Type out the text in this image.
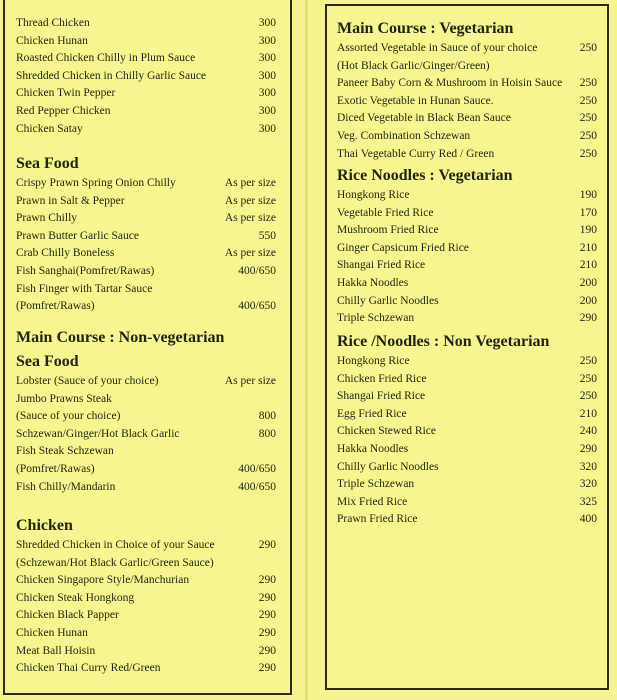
Thread Chicken	300
Chicken Hunan	300
Roasted Chicken Chilly in Plum Sauce	300
Shredded Chicken in Chilly Garlic Sauce	300
Chicken Twin Pepper	300
Red Pepper Chicken	300
Chicken Satay	300
Sea Food
Crispy Prawn Spring Onion Chilly	As per size
Prawn in Salt & Pepper	As per size
Prawn Chilly	As per size
Prawn Butter Garlic Sauce	550
Crab Chilly Boneless	As per size
Fish Sanghai(Pomfret/Rawas)	400/650
Fish Finger with Tartar Sauce
(Pomfret/Rawas)	400/650
Main Course : Non-vegetarian
Sea Food
Lobster (Sauce of your choice)	As per size
Jumbo Prawns Steak
(Sauce of your choice)	800
Schzewan/Ginger/Hot Black Garlic	800
Fish Steak Schzewan
(Pomfret/Rawas)	400/650
Fish Chilly/Mandarin	400/650
Chicken
Shredded Chicken in Choice of your Sauce	290
(Schzewan/Hot Black Garlic/Green Sauce)
Chicken Singapore Style/Manchurian	290
Chicken Steak Hongkong	290
Chicken Black Papper	290
Chicken Hunan	290
Meat Ball Hoisin	290
Chicken Thai Curry Red/Green	290
Main Course : Vegetarian
Assorted Vegetable in Sauce of your choice	250
(Hot Black Garlic/Ginger/Green)
Paneer Baby Corn & Mushroom in Hoisin Sauce 250
Exotic Vegetable in Hunan Sauce.	250
Diced Vegetable in Black Bean Sauce	250
Veg. Combination Schzewan	250
Thai Vegetable Curry Red / Green	250
Rice Noodles : Vegetarian
Hongkong Rice	190
Vegetable Fried Rice	170
Mushroom Fried Rice	190
Ginger Capsicum Fried Rice	210
Shangai Fried Rice	210
Hakka Noodles	200
Chilly Garlic Noodles	200
Triple Schzewan	290
Rice /Noodles : Non Vegetarian
Hongkong Rice	250
Chicken Fried Rice	250
Shangai Fried Rice	250
Egg Fried Rice	210
Chicken Stewed Rice	240
Hakka Noodles	290
Chilly Garlic Noodles	320
Triple Schzewan	320
Mix Fried Rice	325
Prawn Fried Rice	400
